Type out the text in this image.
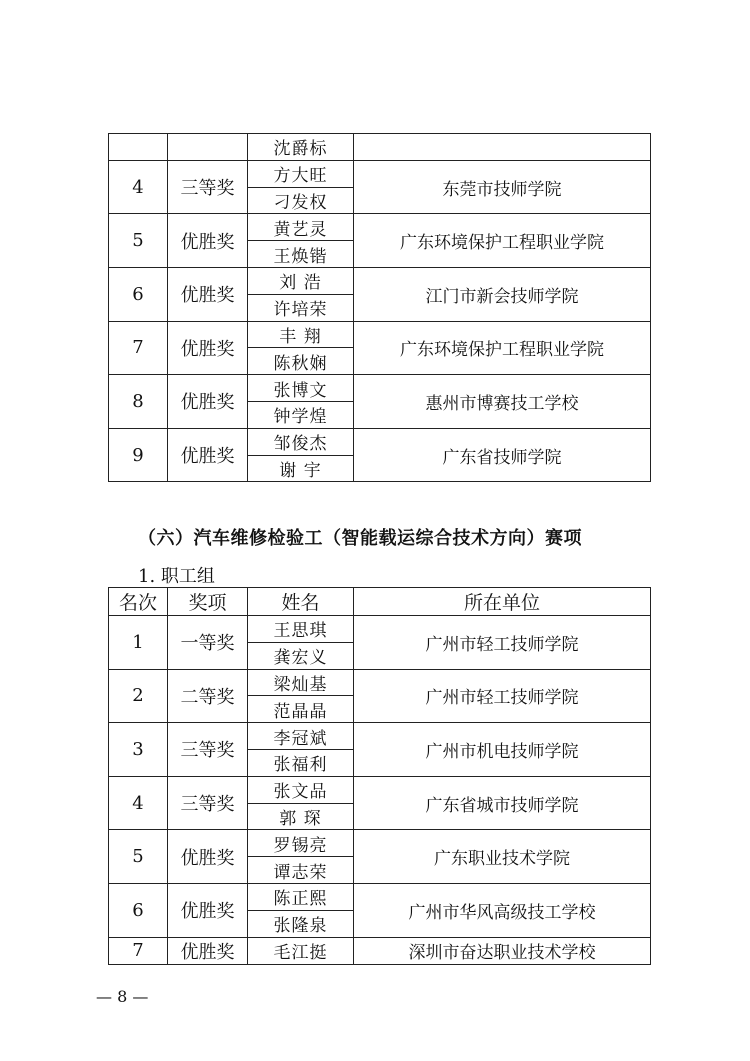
		沈爵标	
4	三等奖	方大旺	东莞市技师学院
		刁发权	
5	优胜奖	黄艺灵	广东环境保护工程职业学院
		王焕锴	
6	优胜奖	刘 浩	江门市新会技师学院
		许培荣	
7	优胜奖	丰 翔	广东环境保护工程职业学院
		陈秋娴	
8	优胜奖	张博文	惠州市博赛技工学校
		钟学煌	
9	优胜奖	邹俊杰	广东省技师学院
		谢 宇	
（六）汽车维修检验工（智能载运综合技术方向）赛项
1. 职工组
名次	奖项	姓名	所在单位
1	一等奖	王思琪	广州市轻工技师学院
		龚宏义	
2	二等奖	梁灿基	广州市轻工技师学院
		范晶晶	
3	三等奖	李冠斌	广州市机电技师学院
		张福利	
4	三等奖	张文品	广东省城市技师学院
		郭 琛	
5	优胜奖	罗锡亮	广东职业技术学院
		谭志荣	
6	优胜奖	陈正熙	广州市华风高级技工学校
		张隆泉	
7	优胜奖	毛江挺	深圳市奋达职业技术学校
— 8 —
